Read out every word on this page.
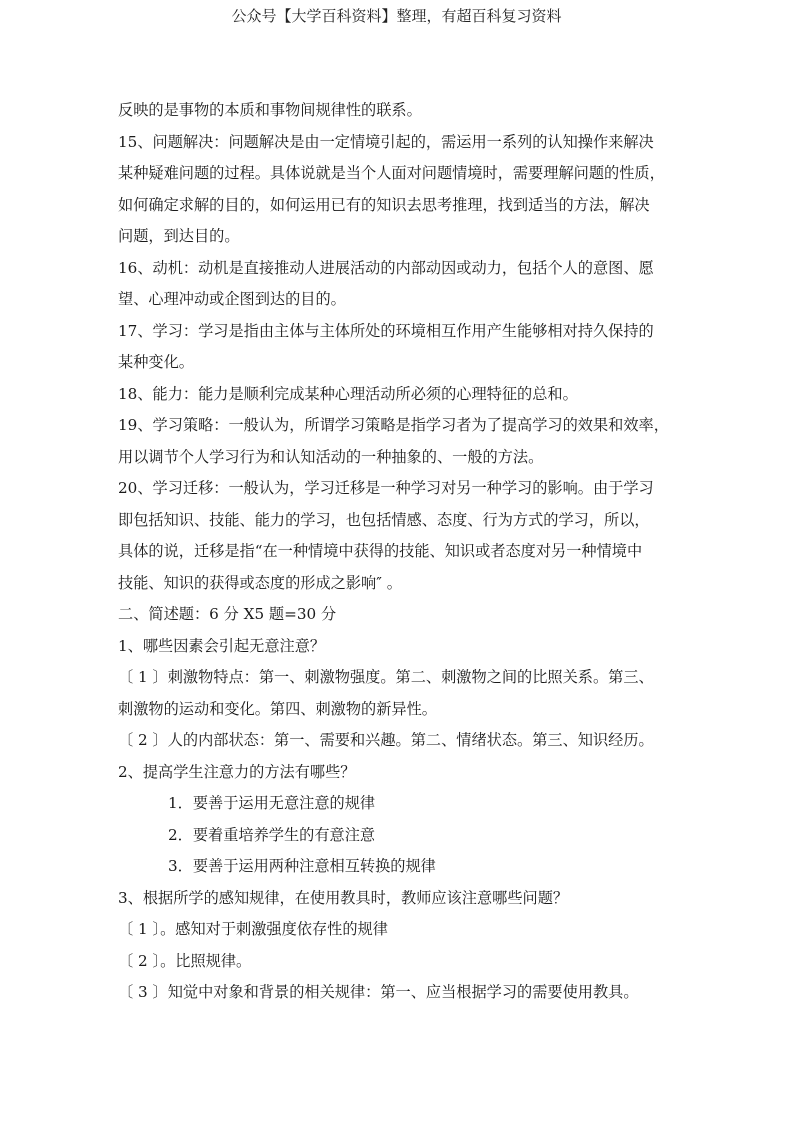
公众号【大学百科资料】整理，有超百科复习资料

反映的是事物的本质和事物间规律性的联系。

15、问题解决：问题解决是由一定情境引起的，需运用一系列的认知操作来解决

某种疑难问题的过程。具体说就是当个人面对问题情境时，需要理解问题的性质，

如何确定求解的目的，如何运用已有的知识去思考推理，找到适当的方法，解决

问题，到达目的。

16、动机：动机是直接推动人进展活动的内部动因或动力，包括个人的意图、愿

望、心理冲动或企图到达的目的。

17、学习：学习是指由主体与主体所处的环境相互作用产生能够相对持久保持的

某种变化。

18、能力：能力是顺利完成某种心理活动所必须的心理特征的总和。

19、学习策略：一般认为，所谓学习策略是指学习者为了提高学习的效果和效率，

用以调节个人学习行为和认知活动的一种抽象的、一般的方法。

20、学习迁移：一般认为，学习迁移是一种学习对另一种学习的影响。由于学习

即包括知识、技能、能力的学习，也包括情感、态度、行为方式的学习，所以，

具体的说，迁移是指“在一种情境中获得的技能、知识或者态度对另一种情境中

技能、知识的获得或态度的形成之影响″ 。

二、简述题：6 分 X5 题=30 分

1、哪些因素会引起无意注意？

〔 1 〕刺激物特点：第一、刺激物强度。第二、刺激物之间的比照关系。第三、

刺激物的运动和变化。第四、刺激物的新异性。

〔 2 〕人的内部状态：第一、需要和兴趣。第二、情绪状态。第三、知识经历。

2、提高学生注意力的方法有哪些？

1．要善于运用无意注意的规律

2．要着重培养学生的有意注意

3．要善于运用两种注意相互转换的规律

3、根据所学的感知规律，在使用教具时，教师应该注意哪些问题？

〔 1 〕。感知对于刺激强度依存性的规律

〔 2 〕。比照规律。

〔 3 〕知觉中对象和背景的相关规律：第一、应当根据学习的需要使用教具。
